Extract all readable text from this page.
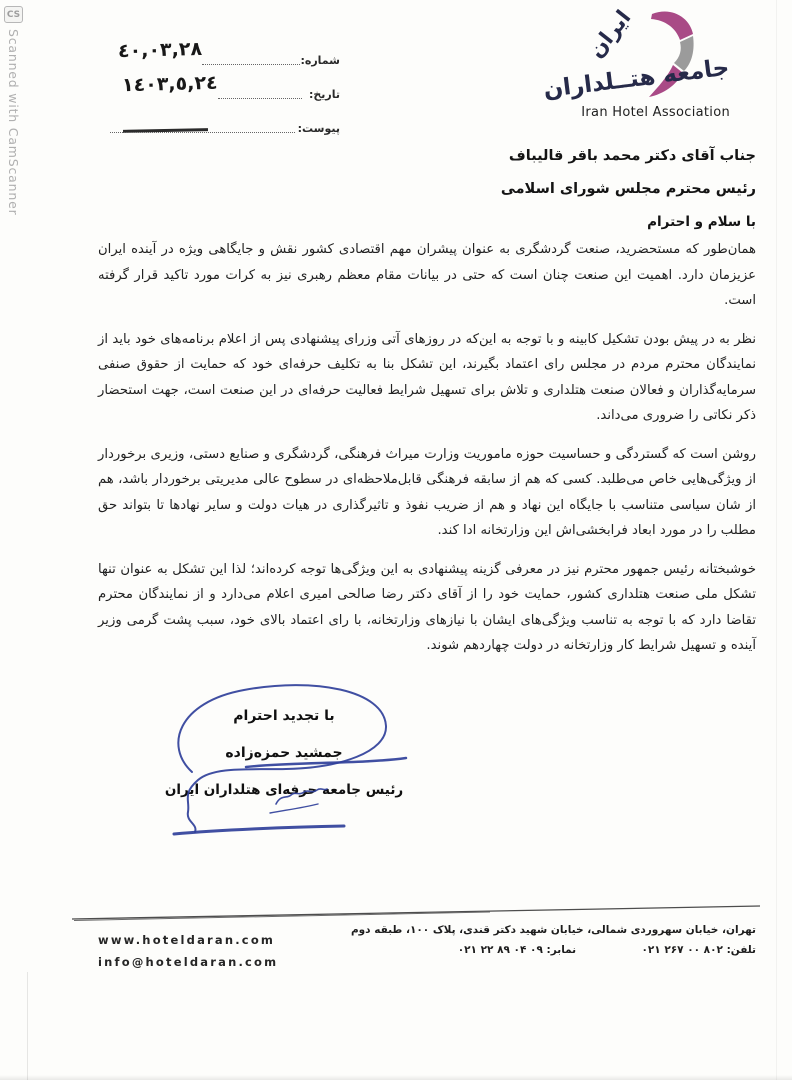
CS
Scanned with CamScanner	٤٠,٠٣,٢٨	شماره:
١٤٠٣,٥,٢٤	تاریخ:
پیوست:
ایران
جامعه هتــلداران
Iran Hotel Association
جناب آقای دکتر محمد باقر قالیباف
رئیس محترم مجلس شورای اسلامی
با سلام و احترام

همان‌طور که مستحضرید، صنعت گردشگری به عنوان پیشران مهم اقتصادی کشور نقش و جایگاهی ویژه در آینده ایران عزیزمان دارد. اهمیت این صنعت چنان است که حتی در بیانات مقام معظم رهبری نیز به کرات مورد تاکید قرار گرفته است.

نظر به در پیش بودن تشکیل کابینه و با توجه به این‌که در روزهای آتی وزرای پیشنهادی پس از اعلام برنامه‌های خود باید از نمایندگان محترم مردم در مجلس رای اعتماد بگیرند، این تشکل بنا به تکلیف حرفه‌ای خود که حمایت از حقوق صنفی سرمایه‌گذاران و فعالان صنعت هتلداری و تلاش برای تسهیل شرایط فعالیت حرفه‌ای در این صنعت است، جهت استحضار ذکر نکاتی را ضروری می‌داند.

روشن است که گستردگی و حساسیت حوزه ماموریت وزارت میراث فرهنگی، گردشگری و صنایع دستی، وزیری برخوردار از ویژگی‌هایی خاص می‌طلبد. کسی که هم از سابقه فرهنگی قابل‌ملاحظه‌ای در سطوح عالی مدیریتی برخوردار باشد، هم از شان سیاسی متناسب با جایگاه این نهاد و هم از ضریب نفوذ و تاثیرگذاری در هیات دولت و سایر نهادها تا بتواند حق مطلب را در مورد ابعاد فرابخشی‌اش این وزارتخانه ادا کند.

خوشبختانه رئیس جمهور محترم نیز در معرفی گزینه پیشنهادی به این ویژگی‌ها توجه کرده‌اند؛ لذا این تشکل به عنوان تنها تشکل ملی صنعت هتلداری کشور، حمایت خود را از آقای دکتر رضا صالحی امیری اعلام می‌دارد و از نمایندگان محترم تقاضا دارد که با توجه به تناسب ویژگی‌های ایشان با نیازهای وزارتخانه، با رای اعتماد بالای خود، سبب پشت گرمی وزیر آینده و تسهیل شرایط کار وزارتخانه در دولت چهاردهم شوند.

با تجدید احترام
جمشید حمزه‌زاده
رئیس جامعه حرفه‌ای هتلداران ایران
تهران، خیابان سهروردی شمالی، خیابان شهید دکتر قندی، پلاک ۱۰۰، طبقه دوم
تلفن: ۰۲۱ ۲۶۷ ۰۰ ۸۰۲  نمابر: ۰۲۱ ۲۲ ۸۹ ۰۴ ۰۹
www.hoteldaran.com
info@hoteldaran.com
